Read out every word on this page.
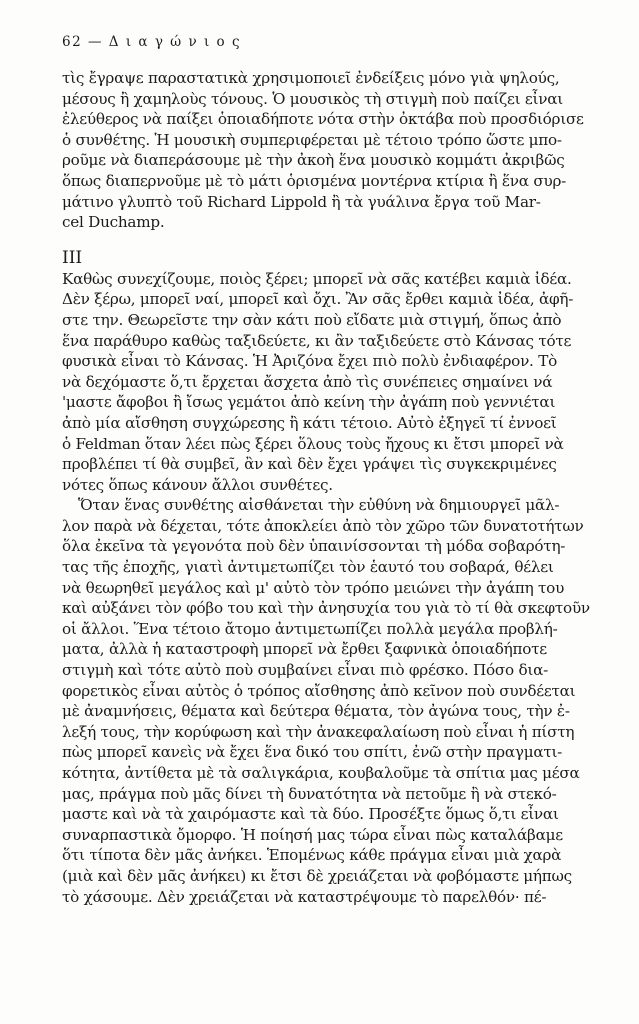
62 — Δ ι α γ ώ ν ι ο ς
τὶς ἔγραψε παραστατικὰ χρησιμοποιεῖ ἐνδείξεις μόνο γιὰ ψηλούς,
μέσους ἢ χαμηλοὺς τόνους. Ὁ μουσικὸς τὴ στιγμὴ ποὺ παίζει εἶναι
ἐλεύθερος νὰ παίξει ὁποιαδήποτε νότα στὴν ὀκτάβα ποὺ προσδιόρισε
ὁ συνθέτης. Ἡ μουσικὴ συμπεριφέρεται μὲ τέτοιο τρόπο ὥστε μπο-
ροῦμε νὰ διαπεράσουμε μὲ τὴν ἀκοὴ ἕνα μουσικὸ κομμάτι ἀκριβῶς
ὅπως διαπερνοῦμε μὲ τὸ μάτι ὁρισμένα μοντέρνα κτίρια ἢ ἕνα συρ-
μάτινο γλυπτὸ τοῦ Richard Lippold ἢ τὰ γυάλινα ἔργα τοῦ Mar-
cel Duchamp.
III
Καθὼς συνεχίζουμε, ποιὸς ξέρει; μπορεῖ νὰ σᾶς κατέβει καμιὰ ἰδέα.
Δὲν ξέρω, μπορεῖ ναί, μπορεῖ καὶ ὄχι. Ἂν σᾶς ἔρθει καμιὰ ἰδέα, ἀφῆ-
στε την. Θεωρεῖστε την σὰν κάτι ποὺ εἴδατε μιὰ στιγμή, ὅπως ἀπὸ
ἕνα παράθυρο καθὼς ταξιδεύετε, κι ἂν ταξιδεύετε στὸ Κάνσας τότε
φυσικὰ εἶναι τὸ Κάνσας. Ἡ Ἀριζόνα ἔχει πιὸ πολὺ ἐνδιαφέρον. Τὸ
νὰ δεχόμαστε ὅ,τι ἔρχεται ἄσχετα ἀπὸ τὶς συνέπειες σημαίνει νά
'μαστε ἄφοβοι ἢ ἴσως γεμάτοι ἀπὸ κείνη τὴν ἀγάπη ποὺ γεννιέται
ἀπὸ μία αἴσθηση συγχώρεσης ἢ κάτι τέτοιο. Αὐτὸ ἐξηγεῖ τί ἐννοεῖ
ὁ Feldman ὅταν λέει πὼς ξέρει ὅλους τοὺς ἤχους κι ἔτσι μπορεῖ νὰ
προβλέπει τί θὰ συμβεῖ, ἂν καὶ δὲν ἔχει γράψει τὶς συγκεκριμένες
νότες ὅπως κάνουν ἄλλοι συνθέτες.
Ὅταν ἕνας συνθέτης αἰσθάνεται τὴν εὐθύνη νὰ δημιουργεῖ μᾶλ-
λον παρὰ νὰ δέχεται, τότε ἀποκλείει ἀπὸ τὸν χῶρο τῶν δυνατοτήτων
ὅλα ἐκεῖνα τὰ γεγονότα ποὺ δὲν ὑπαινίσσονται τὴ μόδα σοβαρότη-
τας τῆς ἐποχῆς, γιατὶ ἀντιμετωπίζει τὸν ἑαυτό του σοβαρά, θέλει
νὰ θεωρηθεῖ μεγάλος καὶ μ' αὐτὸ τὸν τρόπο μειώνει τὴν ἀγάπη του
καὶ αὐξάνει τὸν φόβο του καὶ τὴν ἀνησυχία του γιὰ τὸ τί θὰ σκεφτοῦν
οἱ ἄλλοι. Ἕνα τέτοιο ἄτομο ἀντιμετωπίζει πολλὰ μεγάλα προβλή-
ματα, ἀλλὰ ἡ καταστροφὴ μπορεῖ νὰ ἔρθει ξαφνικὰ ὁποιαδήποτε
στιγμὴ καὶ τότε αὐτὸ ποὺ συμβαίνει εἶναι πιὸ φρέσκο. Πόσο δια-
φορετικὸς εἶναι αὐτὸς ὁ τρόπος αἴσθησης ἀπὸ κεῖνον ποὺ συνδέεται
μὲ ἀναμνήσεις, θέματα καὶ δεύτερα θέματα, τὸν ἀγώνα τους, τὴν ἐ-
λεξή τους, τὴν κορύφωση καὶ τὴν ἀνακεφαλαίωση ποὺ εἶναι ἡ πίστη
πὼς μπορεῖ κανεὶς νὰ ἔχει ἕνα δικό του σπίτι, ἐνῶ στὴν πραγματι-
κότητα, ἀντίθετα μὲ τὰ σαλιγκάρια, κουβαλοῦμε τὰ σπίτια μας μέσα
μας, πράγμα ποὺ μᾶς δίνει τὴ δυνατότητα νὰ πετοῦμε ἢ νὰ στεκό-
μαστε καὶ νὰ τὰ χαιρόμαστε καὶ τὰ δύο. Προσέξτε ὅμως ὅ,τι εἶναι
συναρπαστικὰ ὄμορφο. Ἡ ποίησή μας τώρα εἶναι πὼς καταλάβαμε
ὅτι τίποτα δὲν μᾶς ἀνήκει. Ἑπομένως κάθε πράγμα εἶναι μιὰ χαρὰ
(μιὰ καὶ δὲν μᾶς ἀνήκει) κι ἔτσι δὲ χρειάζεται νὰ φοβόμαστε μήπως
τὸ χάσουμε. Δὲν χρειάζεται νὰ καταστρέψουμε τὸ παρελθόν· πέ-
